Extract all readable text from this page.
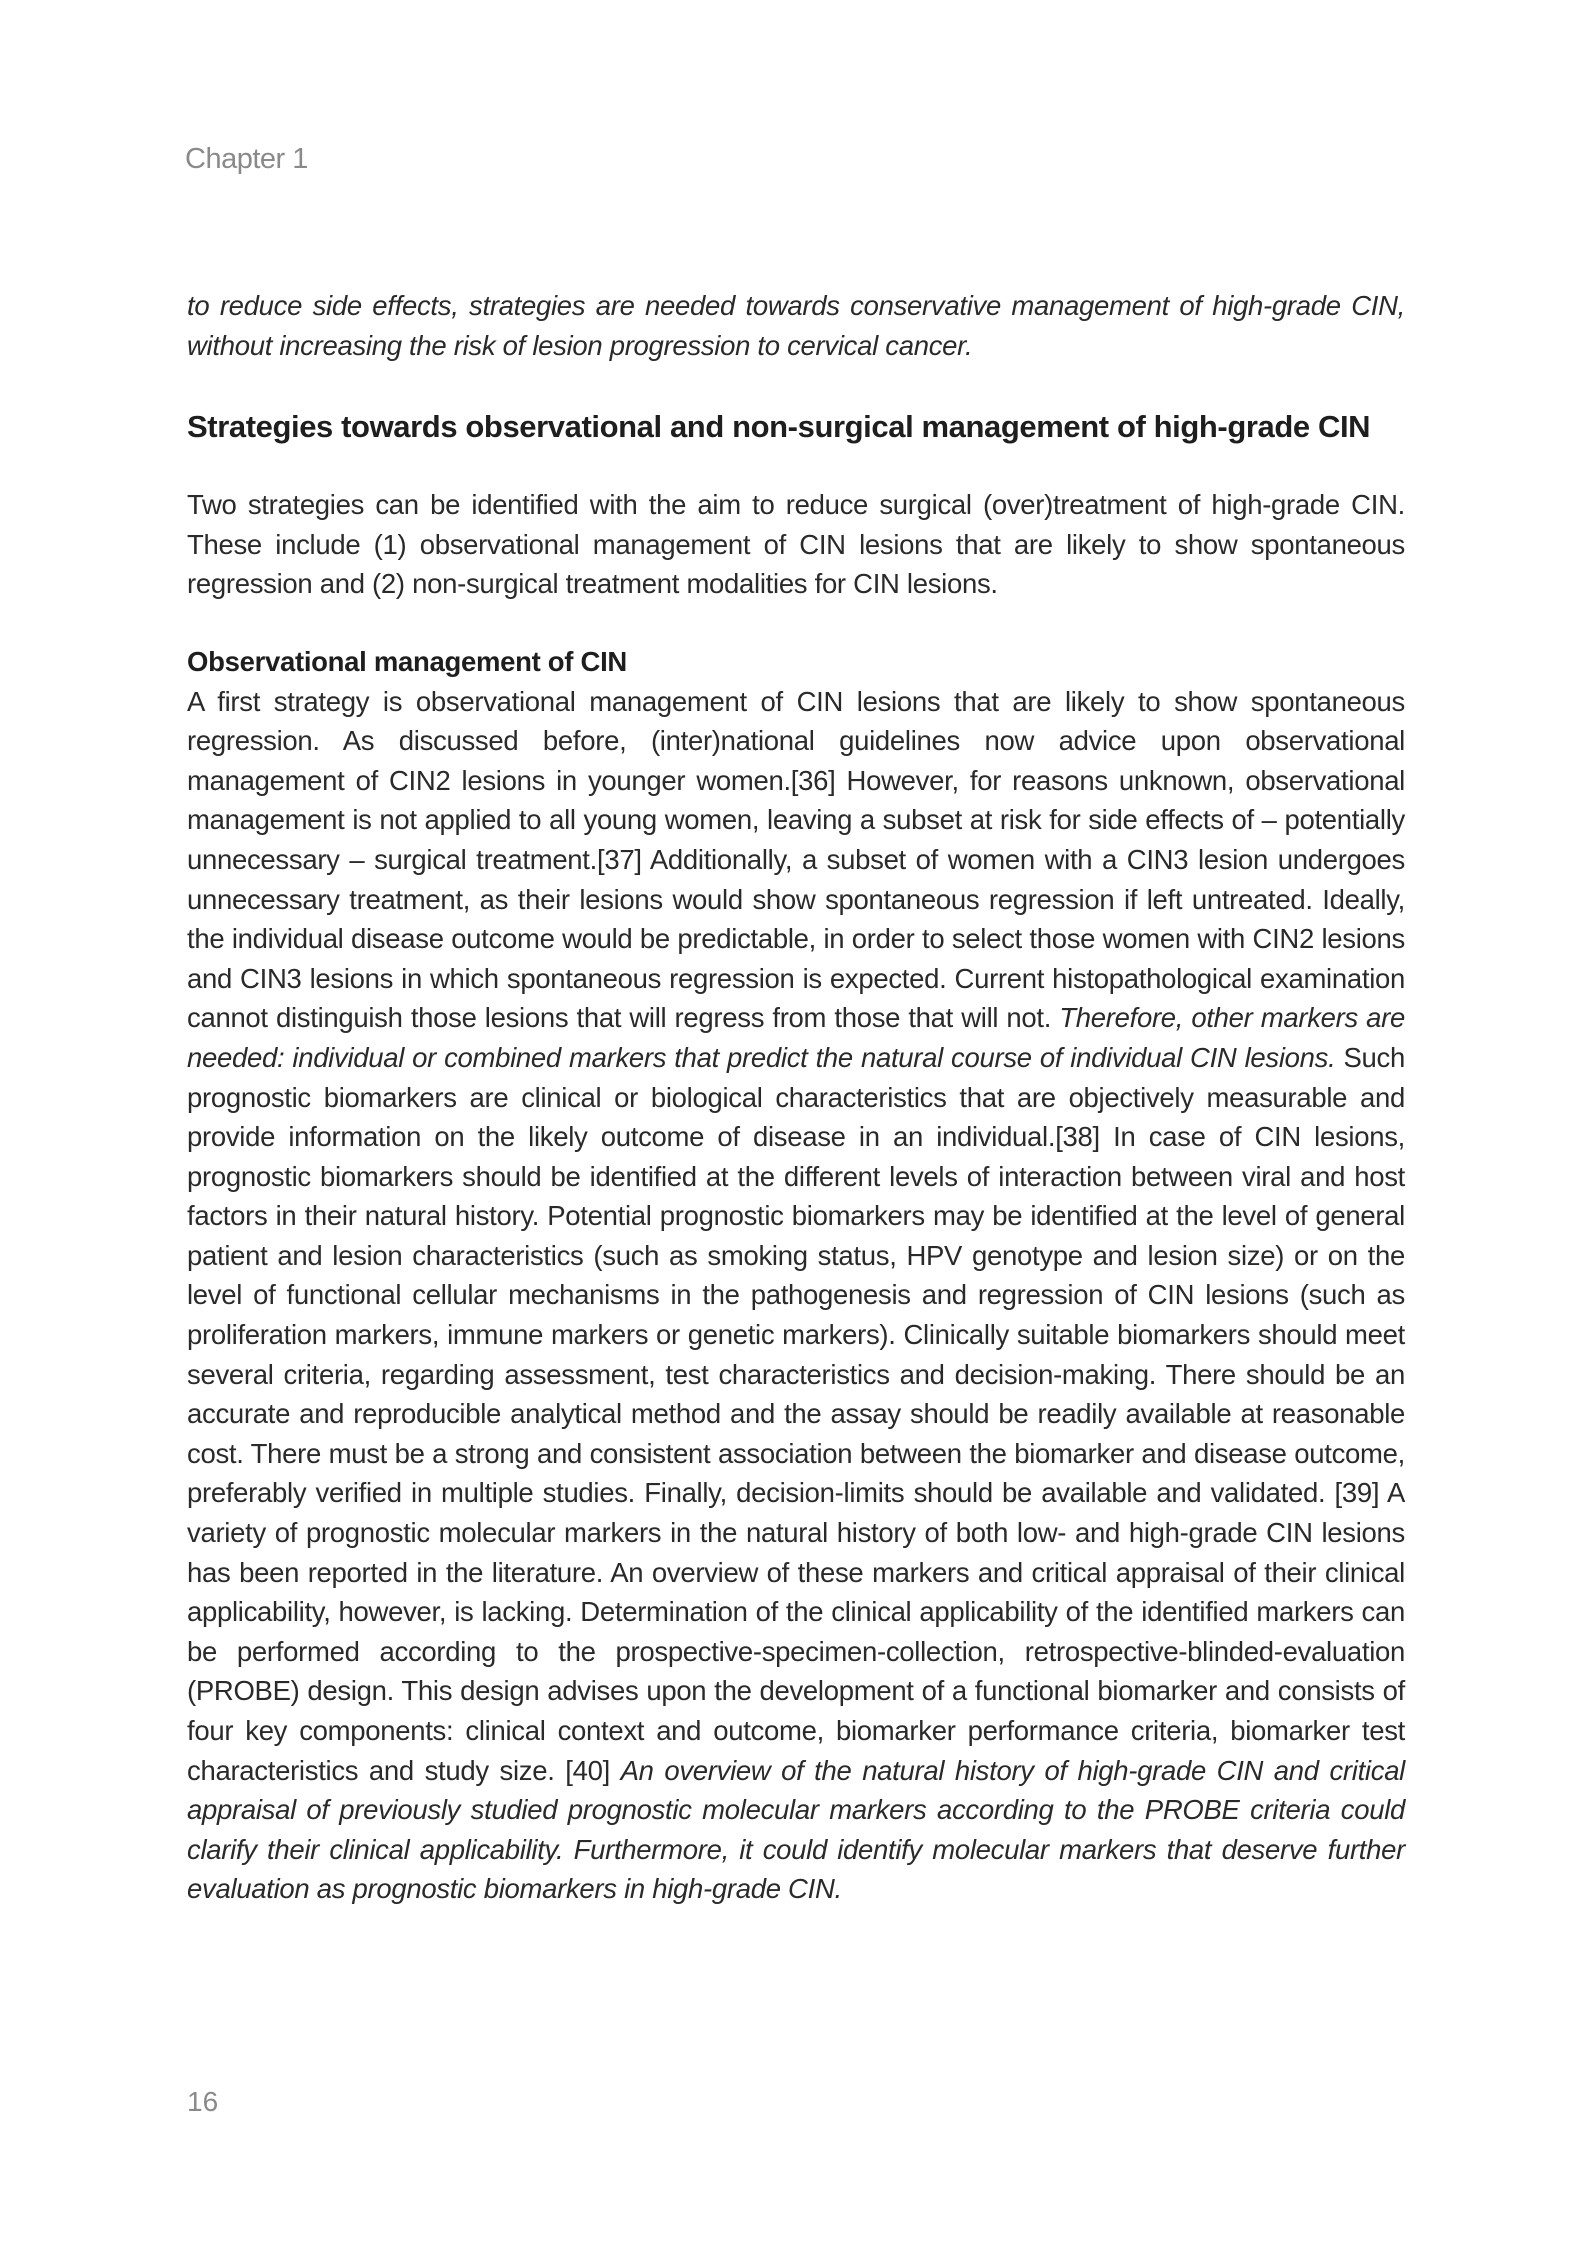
Chapter 1

to reduce side effects, strategies are needed towards conservative management of high-grade CIN, without increasing the risk of lesion progression to cervical cancer.

Strategies towards observational and non-surgical management of high-grade CIN

Two strategies can be identified with the aim to reduce surgical (over)treatment of high-grade CIN. These include (1) observational management of CIN lesions that are likely to show spontaneous regression and (2) non-surgical treatment modalities for CIN lesions.

Observational management of CIN

A first strategy is observational management of CIN lesions that are likely to show spontaneous regression. As discussed before, (inter)national guidelines now advice upon observational management of CIN2 lesions in younger women.[36] However, for reasons unknown, observational management is not applied to all young women, leaving a subset at risk for side effects of – potentially unnecessary – surgical treatment.[37] Additionally, a subset of women with a CIN3 lesion undergoes unnecessary treatment, as their lesions would show spontaneous regression if left untreated. Ideally, the individual disease outcome would be predictable, in order to select those women with CIN2 lesions and CIN3 lesions in which spontaneous regression is expected. Current histopathological examination cannot distinguish those lesions that will regress from those that will not. Therefore, other markers are needed: individual or combined markers that predict the natural course of individual CIN lesions. Such prognostic biomarkers are clinical or biological characteristics that are objectively measurable and provide information on the likely outcome of disease in an individual.[38] In case of CIN lesions, prognostic biomarkers should be identified at the different levels of interaction between viral and host factors in their natural history. Potential prognostic biomarkers may be identified at the level of general patient and lesion characteristics (such as smoking status, HPV genotype and lesion size) or on the level of functional cellular mechanisms in the pathogenesis and regression of CIN lesions (such as proliferation markers, immune markers or genetic markers). Clinically suitable biomarkers should meet several criteria, regarding assessment, test characteristics and decision-making. There should be an accurate and reproducible analytical method and the assay should be readily available at reasonable cost. There must be a strong and consistent association between the biomarker and disease outcome, preferably verified in multiple studies. Finally, decision-limits should be available and validated. [39] A variety of prognostic molecular markers in the natural history of both low- and high-grade CIN lesions has been reported in the literature. An overview of these markers and critical appraisal of their clinical applicability, however, is lacking. Determination of the clinical applicability of the identified markers can be performed according to the prospective-specimen-collection, retrospective-blinded-evaluation (PROBE) design. This design advises upon the development of a functional biomarker and consists of four key components: clinical context and outcome, biomarker performance criteria, biomarker test characteristics and study size. [40] An overview of the natural history of high-grade CIN and critical appraisal of previously studied prognostic molecular markers according to the PROBE criteria could clarify their clinical applicability. Furthermore, it could identify molecular markers that deserve further evaluation as prognostic biomarkers in high-grade CIN.

16
